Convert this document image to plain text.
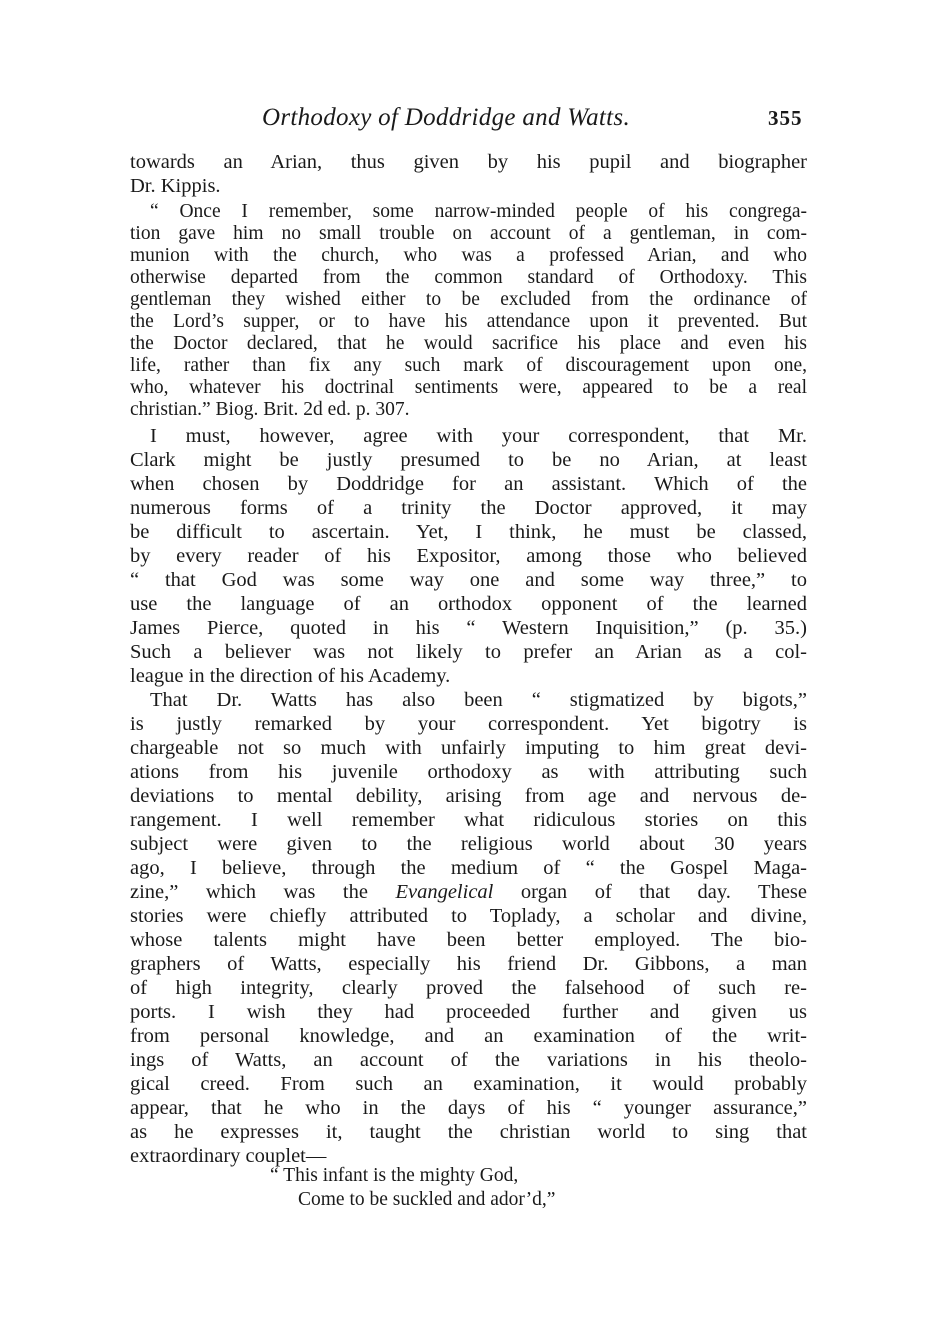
Orthodoxy of Doddridge and Watts.	355
towards an Arian, thus given by his pupil and biographer
Dr. Kippis.
“ Once I remember, some narrow-minded people of his congrega-
tion gave him no small trouble on account of a gentleman, in com-
munion with the church, who was a professed Arian, and who
otherwise departed from the common standard of Orthodoxy. This
gentleman they wished either to be excluded from the ordinance of
the Lord’s supper, or to have his attendance upon it prevented. But
the Doctor declared, that he would sacrifice his place and even his
life, rather than fix any such mark of discouragement upon one,
who, whatever his doctrinal sentiments were, appeared to be a real
christian.” Biog. Brit. 2d ed. p. 307.
I must, however, agree with your correspondent, that Mr.
Clark might be justly presumed to be no Arian, at least
when chosen by Doddridge for an assistant. Which of the
numerous forms of a trinity the Doctor approved, it may
be difficult to ascertain. Yet, I think, he must be classed,
by every reader of his Expositor, among those who believed
“ that God was some way one and some way three,” to
use the language of an orthodox opponent of the learned
James Pierce, quoted in his “ Western Inquisition,” (p. 35.)
Such a believer was not likely to prefer an Arian as a col-
league in the direction of his Academy.
That Dr. Watts has also been “ stigmatized by bigots,”
is justly remarked by your correspondent. Yet bigotry is
chargeable not so much with unfairly imputing to him great devi-
ations from his juvenile orthodoxy as with attributing such
deviations to mental debility, arising from age and nervous de-
rangement. I well remember what ridiculous stories on this
subject were given to the religious world about 30 years
ago, I believe, through the medium of “ the Gospel Maga-
zine,” which was the Evangelical organ of that day. These
stories were chiefly attributed to Toplady, a scholar and divine,
whose talents might have been better employed. The bio-
graphers of Watts, especially his friend Dr. Gibbons, a man
of high integrity, clearly proved the falsehood of such re-
ports. I wish they had proceeded further and given us
from personal knowledge, and an examination of the writ-
ings of Watts, an account of the variations in his theolo-
gical creed. From such an examination, it would probably
appear, that he who in the days of his “ younger assurance,”
as he expresses it, taught the christian world to sing that
extraordinary couplet—
“ This infant is the mighty God,
Come to be suckled and ador’d,”
